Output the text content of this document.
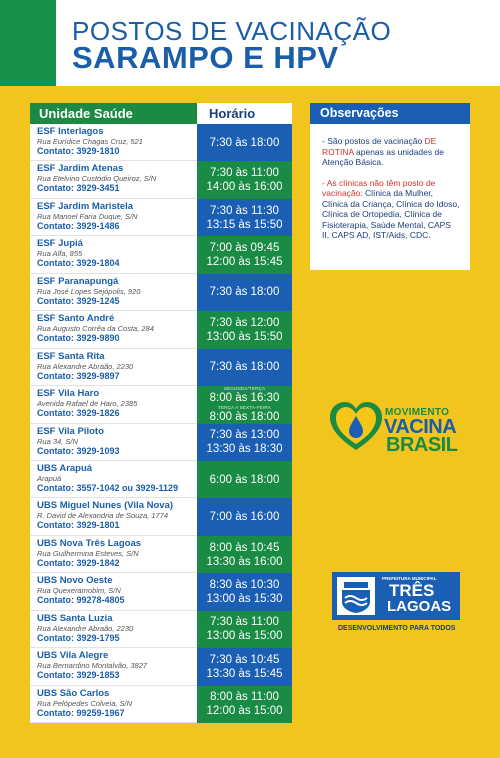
POSTOS DE VACINAÇÃO
SARAMPO E HPV
Unidade Saúde	Horário
ESF Interlagos
Rua Eurídice Chagas Cruz, 521
Contato: 3929-1810
7:30 às 18:00
ESF Jardim Atenas
Rua Etelvino Custódio Queiroz, S/N
Contato: 3929-3451
7:30 às 11:00
14:00 às 16:00
ESF Jardim Maristela
Rua Manoel Faria Duque, S/N
Contato: 3929-1486
7:30 às 11:30
13:15 às 15:50
ESF Jupiá
Rua Alfa, 855
Contato: 3929-1804
7:00 às 09:45
12:00 às 15:45
ESF Paranapungá
Rua José Lopes Sejópolis, 920
Contato: 3929-1245
7:30 às 18:00
ESF Santo André
Rua Augusto Corrêa da Costa, 284
Contato: 3929-9890
7:30 às 12:00
13:00 às 15:50
ESF Santa Rita
Rua Alexandre Abraão, 2230
Contato: 3929-9897
7:30 às 18:00
ESF Vila Haro
Avenida Rafael de Haro, 2385
Contato: 3929-1826
SEGUNDA/TERÇA
8:00 às 16:30
TERÇA A SEXTA-FEIRA
8:00 às 18:00
ESF Vila Piloto
Rua 34, S/N
Contato: 3929-1093
7:30 às 13:00
13:30 às 18:30
UBS Arapuá
Arapuá
Contato: 3557-1042 ou 3929-1129
6:00 às 18:00
UBS Miguel Nunes (Vila Nova)
R. David de Alexandria de Souza, 1774
Contato: 3929-1801
7:00 às 16:00
UBS Nova Três Lagoas
Rua Guilhermina Esteves, S/N
Contato: 3929-1842
8:00 às 10:45
13:30 às 16:00
UBS Novo Oeste
Rua Quexeramobim, S/N
Contato: 99278-4805
8:30 às 10:30
13:00 às 15:30
UBS Santa Luzia
Rua Alexandre Abraão, 2230
Contato: 3929-1795
7:30 às 11:00
13:00 às 15:00
UBS Vila Alegre
Rua Bernardino Montalvão, 3827
Contato: 3929-1853
7:30 às 10:45
13:30 às 15:45
UBS São Carlos
Rua Pelópedes Colveia, S/N
Contato: 99259-1967
8:00 às 11:00
12:00 às 15:00
Observações

- São postos de vacinação DE ROTINA apenas as unidades de Atenção Básica.

- As clínicas não têm posto de vacinação: Clínica da Mulher, Clínica da Criança, Clínica do Idoso, Clínica de Ortopedia, Clínica de Fisioterapia, Saúde Mental, CAPS II, CAPS AD, IST/Aids, CDC.

MOVIMENTO
VACINA
BRASIL
PREFEITURA MUNICIPAL
TRÊS
LAGOAS
DESENVOLVIMENTO PARA TODOS
